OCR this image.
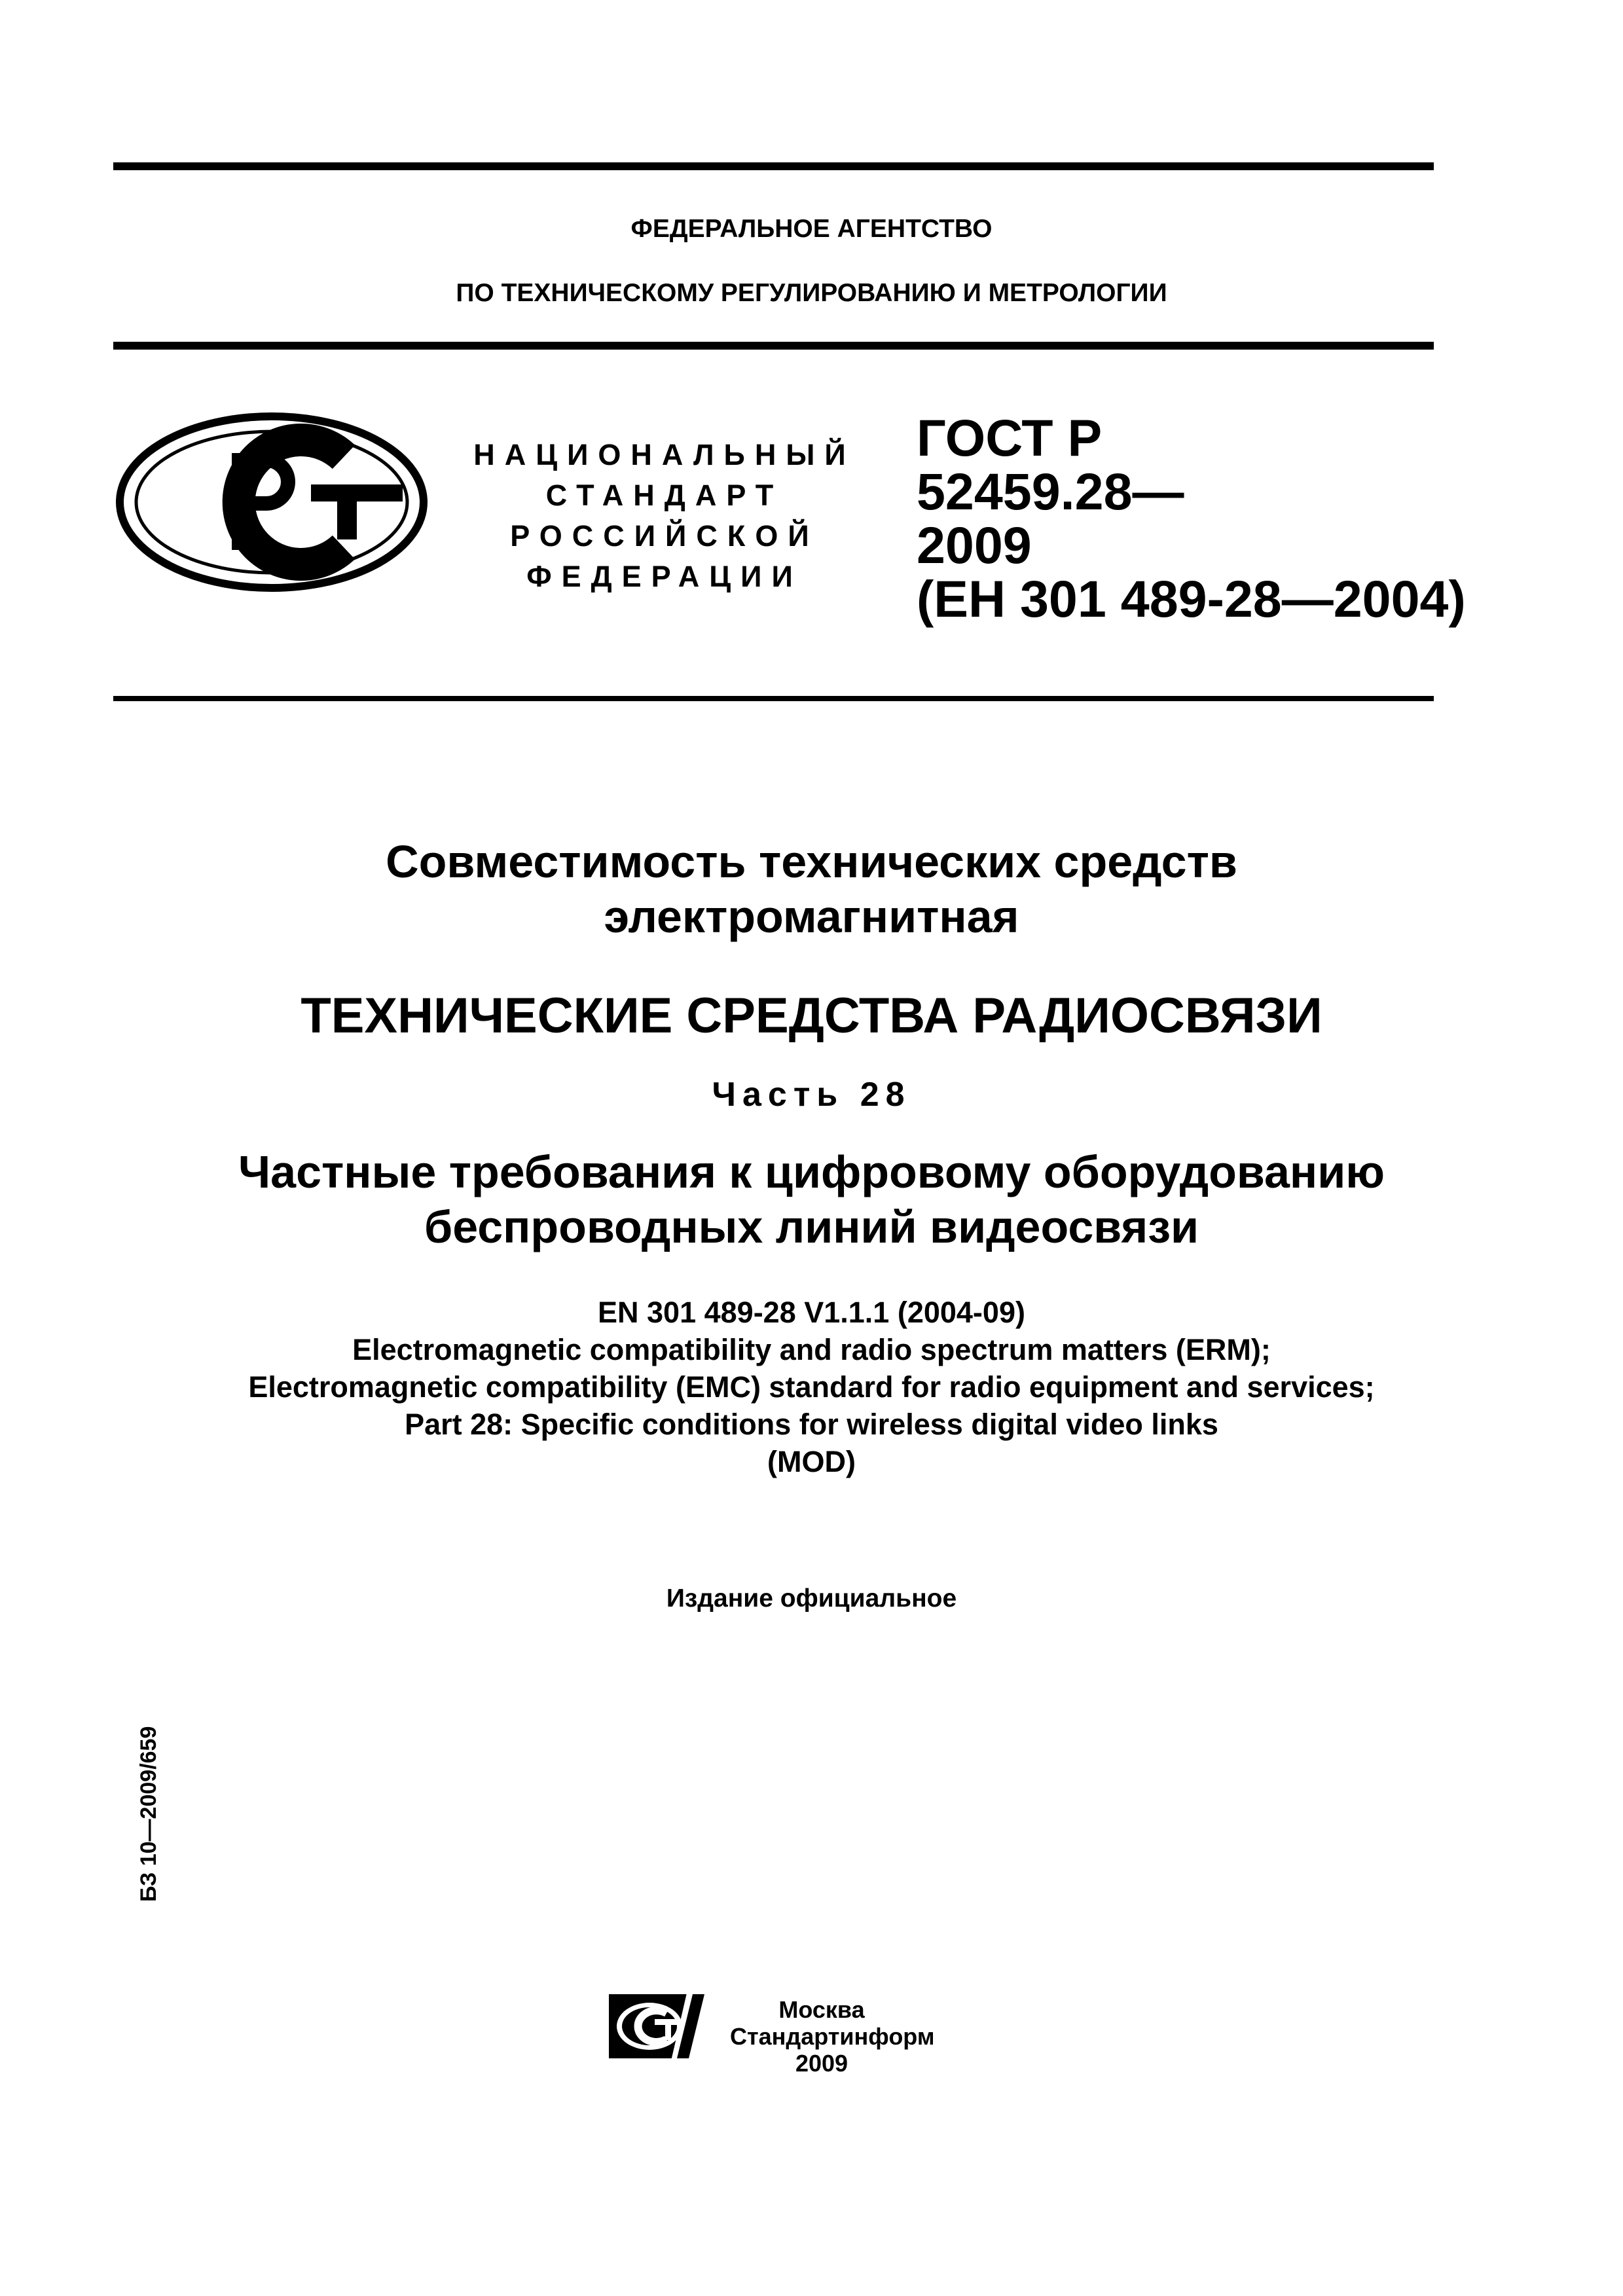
ФЕДЕРАЛЬНОЕ АГЕНТСТВО
ПО ТЕХНИЧЕСКОМУ РЕГУЛИРОВАНИЮ И МЕТРОЛОГИИ
НАЦИОНАЛЬНЫЙ
СТАНДАРТ
РОССИЙСКОЙ
ФЕДЕРАЦИИ
ГОСТ Р
52459.28—
2009
(ЕН 301 489-28—2004)
Совместимость технических средств
электромагнитная
ТЕХНИЧЕСКИЕ СРЕДСТВА РАДИОСВЯЗИ
Часть 28
Частные требования к цифровому оборудованию
беспроводных линий видеосвязи
EN 301 489-28 V1.1.1 (2004-09)
Electromagnetic compatibility and radio spectrum matters (ERM);
Electromagnetic compatibility (EMC) standard for radio equipment and services;
Part 28: Specific conditions for wireless digital video links
(MOD)
Издание официальное
БЗ 10—2009/659
Москва
Стандартинформ
2009
